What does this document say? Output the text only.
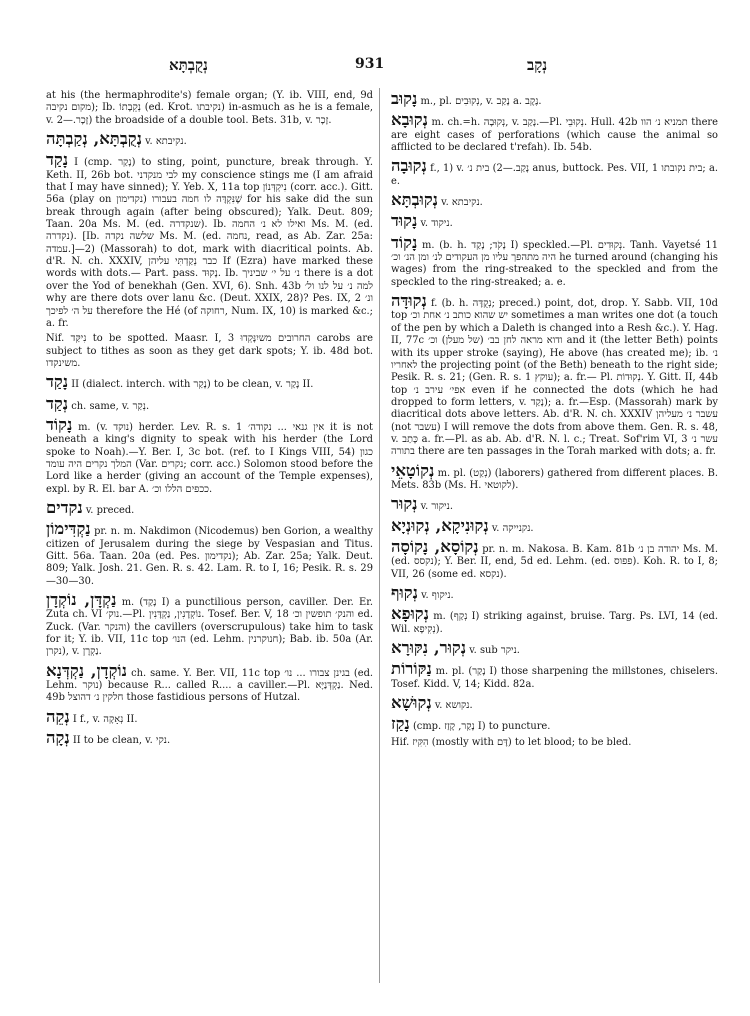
נְקֻבְתָּא	931	נְקָב

at his (the hermaphrodite's) female organ; (Y. ib. VIII, end, 9d מקום נקיבה); Ib. נְקֵבָתוֹ (ed. Krot. נקיבתו) in-asmuch as he is a female, v. זָכָר.—2) the broadside of a double tool. Bets. 31b, v. זָכָר.

נְקֻבְתָּא, נְקַבְתָּה v. נקיבתא.

נָקַד I (cmp. נָקַר) to sting, point, puncture, break through. Y. Keth. II, 26b bot. לבי מנקדני my conscience stings me (I am afraid that I may have sinned); Y. Yeb. X, 11a top נִיקְדְּנוֹן (corr. acc.). Gitt. 56a (play on נקדימון) שֶׁנִּקְדָּה לו חמה בעבורו for his sake did the sun break through again (after being obscured); Yalk. Deut. 809; Taan. 20a Ms. M. (ed. שנקדרה). Ib. ואילו לא נ׳ החמה Ms. M. (ed. נקדרה). [Ib. שלשה נקדה Ms. M. (ed. נחמה, read, as Ab. Zar. 25a: עמדה.]—2) (Massorah) to dot, mark with diacritical points. Ab. d'R. N. ch. XXXIV, כבר נְקַדְתִּי עליהן If (Ezra) have marked these words with dots.— Part. pass. נָקוּד. Ib. נ׳ על י׳ שביניך there is a dot over the Yod of benekhah (Gen. XVI, 6). Snh. 43b למה נ׳ על לנו ול׳ why are there dots over lanu &c. (Deut. XXIX, 28)? Pes. IX, 2 ונ׳ על ה׳ לפיכך therefore the Hé (of רחוקה, Num. IX, 10) is marked &c.; a. fr.

Nif. נִיקַּד to be spotted. Maasr. I, 3 החרובים משיִנָּקְדוּ carobs are subject to tithes as soon as they get dark spots; Y. ib. 48d bot. משינקדו.

נָקַד II (dialect. interch. with נָקַר) to be clean, v. נָקַר II.

נְקַד ch. same, v. נְקַר.

נָקוֹד m. (v. נוקד) herder. Lev. R. s. 1 אין גנאי ... נקודה׳ it is not beneath a king's dignity to speak with his herder (the Lord spoke to Noah).—Y. Ber. I, 3c bot. (ref. to I Kings VIII, 54) כגון המלך נקרים היה עומד (Var. נקרים; corr. acc.) Solomon stood before the Lord like a herder (giving an account of the Temple expenses), expl. by R. El. bar A. ככפים הללו וכ׳.

נקדים v. preced.

נַקְדִּימוֹן pr. n. m. Nakdimon (Nicodemus) ben Gorion, a wealthy citizen of Jerusalem during the siege by Vespasian and Titus. Gitt. 56a. Taan. 20a (ed. Pes. נקדימון); Ab. Zar. 25a; Yalk. Deut. 809; Yalk. Josh. 21. Gen. R. s. 42. Lam. R. to I, 16; Pesik. R. s. 29—30—30.

נַקְדָּן, נוֹקְדָן m. (נָקַד I) a punctilious person, caviller. Der. Er. Zuta ch. VI נוק׳.—Pl. נוֹקְדָנִין, נַקְדָּנִין. Tosef. Ber. V, 18 והנק׳ תופשין וכ׳ ed. Zuck. (Var. והנקר) the cavillers (overscrupulous) take him to task for it; Y. ib. VII, 11c top הנו׳ (ed. Lehm. חנוקרנין); Bab. ib. 50a (Ar. נקרן), v. נַקְרָן.

נוֹקְדָן, נַקְדְּנָא ch. same. Y. Ber. VII, 11c top בגינן צבורו ... נו׳ (ed. Lehm. נוקר) because R... called R.... a caviller.—Pl. נַקְדְּנַיָּא. Ned. 49b חלקין נ׳ דהוצל those fastidious persons of Hutzal.

נְקֵה I f., v. נְאָקָה II.

נְקָה II to be clean, v. נקי.

נָקוּב m., pl. נְקוּבִים, v. נָקַב a. נֶקֶב.

נְקוּבָא m. ch.=h. נְקוּבָה, v. נָקַב.—Pl. נְקוּבֵי. Hull. 42b תמניא נ׳ הוו there are eight cases of perforations (which cause the animal so afflicted to be declared t'refah). Ib. 54b.

נְקוּבָה f., 1) v. נָקַב.—2) בית נ׳ anus, buttock. Pes. VII, 1 בית נקובתו; a. e.

נְקוּבְתָּא v. נקיבתא.

נָקוּד v. ניקוד.

נָקוֹד m. (b. h. נָקֹד; נָקַד I) speckled.—Pl. נְקוּדִים. Tanh. Vayetsé 11 היה מתהפך עליו מן העקודים לנ׳ ומן הנ׳ וכ׳ he turned around (changing his wages) from the ring-streaked to the speckled and from the speckled to the ring-streaked; a. e.

נְקוּדָּה f. (b. h. נְקֻדָּה; preced.) point, dot, drop. Y. Sabb. VII, 10d top יש שהוא כותב נ׳ אחת וכ׳ sometimes a man writes one dot (a touch of the pen by which a Daleth is changed into a Resh &c.). Y. Hag. II, 77c ודוא מראה לחן בב׳ (של מעלן) וכ׳ and it (the letter Beth) points with its upper stroke (saying), He above (has created me); ib. נ׳ לאחריו the projecting point (of the Beth) beneath to the right side; Pesik. R. s. 21; (Gen. R. s. 1 עוקץ); a. fr.— Pl. נְקוּדוֹת. Y. Gitt. II, 44b top אפי׳ עירב נ׳ even if he connected the dots (which he had dropped to form letters, v. נָקַד); a. fr.—Esp. (Massorah) mark by diacritical dots above letters. Ab. d'R. N. ch. XXXIV עשבר נ׳ מעליהן (not עשבר) I will remove the dots from above them. Gen. R. s. 48, v. כָּתַב a. fr.—Pl. as ab. Ab. d'R. N. l. c.; Treat. Sof'rim VI, 3 עשר נ׳ בתורה there are ten passages in the Torah marked with dots; a. fr.

נְקוֹטָאֵי m. pl. (נְקַט) (laborers) gathered from different places. B. Mets. 83b (Ms. H. לקוטאי).

נְקוּר v. ניקור.

נְקוּנִיקָא, נְקוּנְיָא v. נקנייקה.

נְקוֹסָא, נָקוֹסָה pr. n. m. Nakosa. B. Kam. 81b יהודה בן נ׳ Ms. M. (ed. נקסס); Y. Ber. II, end, 5d ed. Lehm. (ed. פפוס). Koh. R. to I, 8; VII, 26 (some ed. נקסא).

נְקוּף v. ניקוף.

נְקוּפָא m. (נְקַף I) striking against, bruise. Targ. Ps. LVI, 14 (ed. Wil. נְקִיפָא).

נְקוּר, נִקּוּרָא v. sub ניקר.

נַקּוֹרוֹת m. pl. (נָקַר I) those sharpening the millstones, chiselers. Tosef. Kidd. V, 14; Kidd. 82a.

נְקוּשָׁא v. נקושא.

נָקַז (cmp. נָקַר, קָזַז I) to puncture.

Hif. הִקִּיז (mostly with דָּם) to let blood; to be bled.
